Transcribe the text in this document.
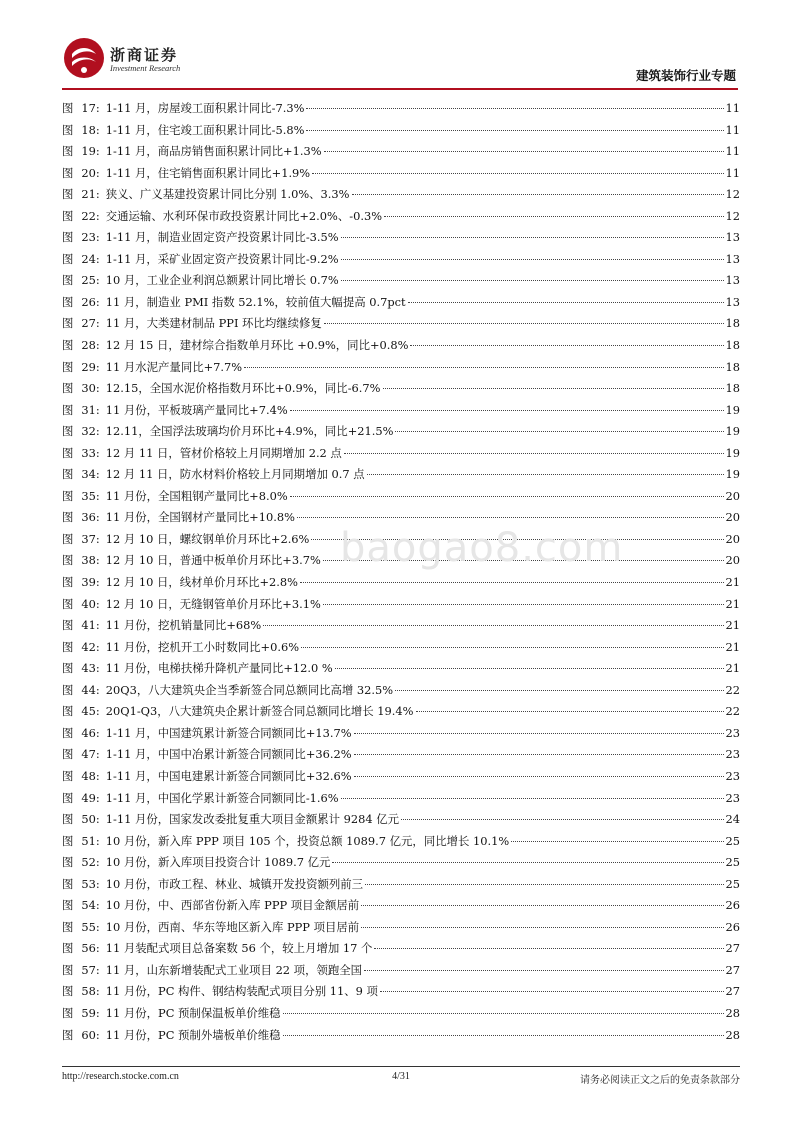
浙商证券
Investment Research	建筑装饰行业专题
图 17 : 1-11 月，房屋竣工面积累计同比-7.3%	11
图 18 : 1-11 月，住宅竣工面积累计同比-5.8%	11
图 19 : 1-11 月，商品房销售面积累计同比+1.3%	11
图 20 : 1-11 月，住宅销售面积累计同比+1.9%	11
图 21 : 狭义、广义基建投资累计同比分别 1.0%、3.3%	12
图 22 : 交通运输、水利环保市政投资累计同比+2.0%、-0.3%	12
图 23 : 1-11 月，制造业固定资产投资累计同比-3.5%	13
图 24 : 1-11 月，采矿业固定资产投资累计同比-9.2%	13
图 25 : 10 月，工业企业利润总额累计同比增长 0.7%	13
图 26 : 11 月，制造业 PMI 指数 52.1%，较前值大幅提高 0.7pct	13
图 27 : 11 月，大类建材制品 PPI 环比均继续修复	18
图 28 : 12 月 15 日，建材综合指数单月环比 +0.9%，同比+0.8%	18
图 29 : 11 月水泥产量同比+7.7%	18
图 30 : 12.15，全国水泥价格指数月环比+0.9%，同比-6.7%	18
图 31 : 11 月份，平板玻璃产量同比+7.4%	19
图 32 : 12.11，全国浮法玻璃均价月环比+4.9%，同比+21.5%	19
图 33 : 12 月 11 日，管材价格较上月同期增加 2.2 点	19
图 34 : 12 月 11 日，防水材料价格较上月同期增加 0.7 点	19
图 35 : 11 月份，全国粗钢产量同比+8.0%	20
图 36 : 11 月份，全国钢材产量同比+10.8%	20
图 37 : 12 月 10 日，螺纹钢单价月环比+2.6%	20
图 38 : 12 月 10 日，普通中板单价月环比+3.7%	20
图 39 : 12 月 10 日，线材单价月环比+2.8%	21
图 40 : 12 月 10 日，无缝钢管单价月环比+3.1%	21
图 41 : 11 月份，挖机销量同比+68%	21
图 42 : 11 月份，挖机开工小时数同比+0.6%	21
图 43 : 11 月份，电梯扶梯升降机产量同比+12.0 %	21
图 44 : 20Q3，八大建筑央企当季新签合同总额同比高增 32.5%	22
图 45 : 20Q1-Q3，八大建筑央企累计新签合同总额同比增长 19.4%	22
图 46 : 1-11 月，中国建筑累计新签合同额同比+13.7%	23
图 47 : 1-11 月，中国中冶累计新签合同额同比+36.2%	23
图 48 : 1-11 月，中国电建累计新签合同额同比+32.6%	23
图 49 : 1-11 月，中国化学累计新签合同额同比-1.6%	23
图 50 : 1-11 月份，国家发改委批复重大项目金额累计 9284 亿元	24
图 51 : 10 月份，新入库 PPP 项目 105 个，投资总额 1089.7 亿元，同比增长 10.1%	25
图 52 : 10 月份，新入库项目投资合计 1089.7 亿元	25
图 53 : 10 月份，市政工程、林业、城镇开发投资额列前三	25
图 54 : 10 月份，中、西部省份新入库 PPP 项目金额居前	26
图 55 : 10 月份，西南、华东等地区新入库 PPP 项目居前	26
图 56 : 11 月装配式项目总备案数 56 个，较上月增加 17 个	27
图 57 : 11 月，山东新增装配式工业项目 22 项，领跑全国	27
图 58 : 11 月份，PC 构件、钢结构装配式项目分别 11、9 项	27
图 59 : 11 月份，PC 预制保温板单价维稳	28
图 60 : 11 月份，PC 预制外墙板单价维稳	28
baogao8.com
http://research.stocke.com.cn	4/31	请务必阅读正文之后的免责条款部分
